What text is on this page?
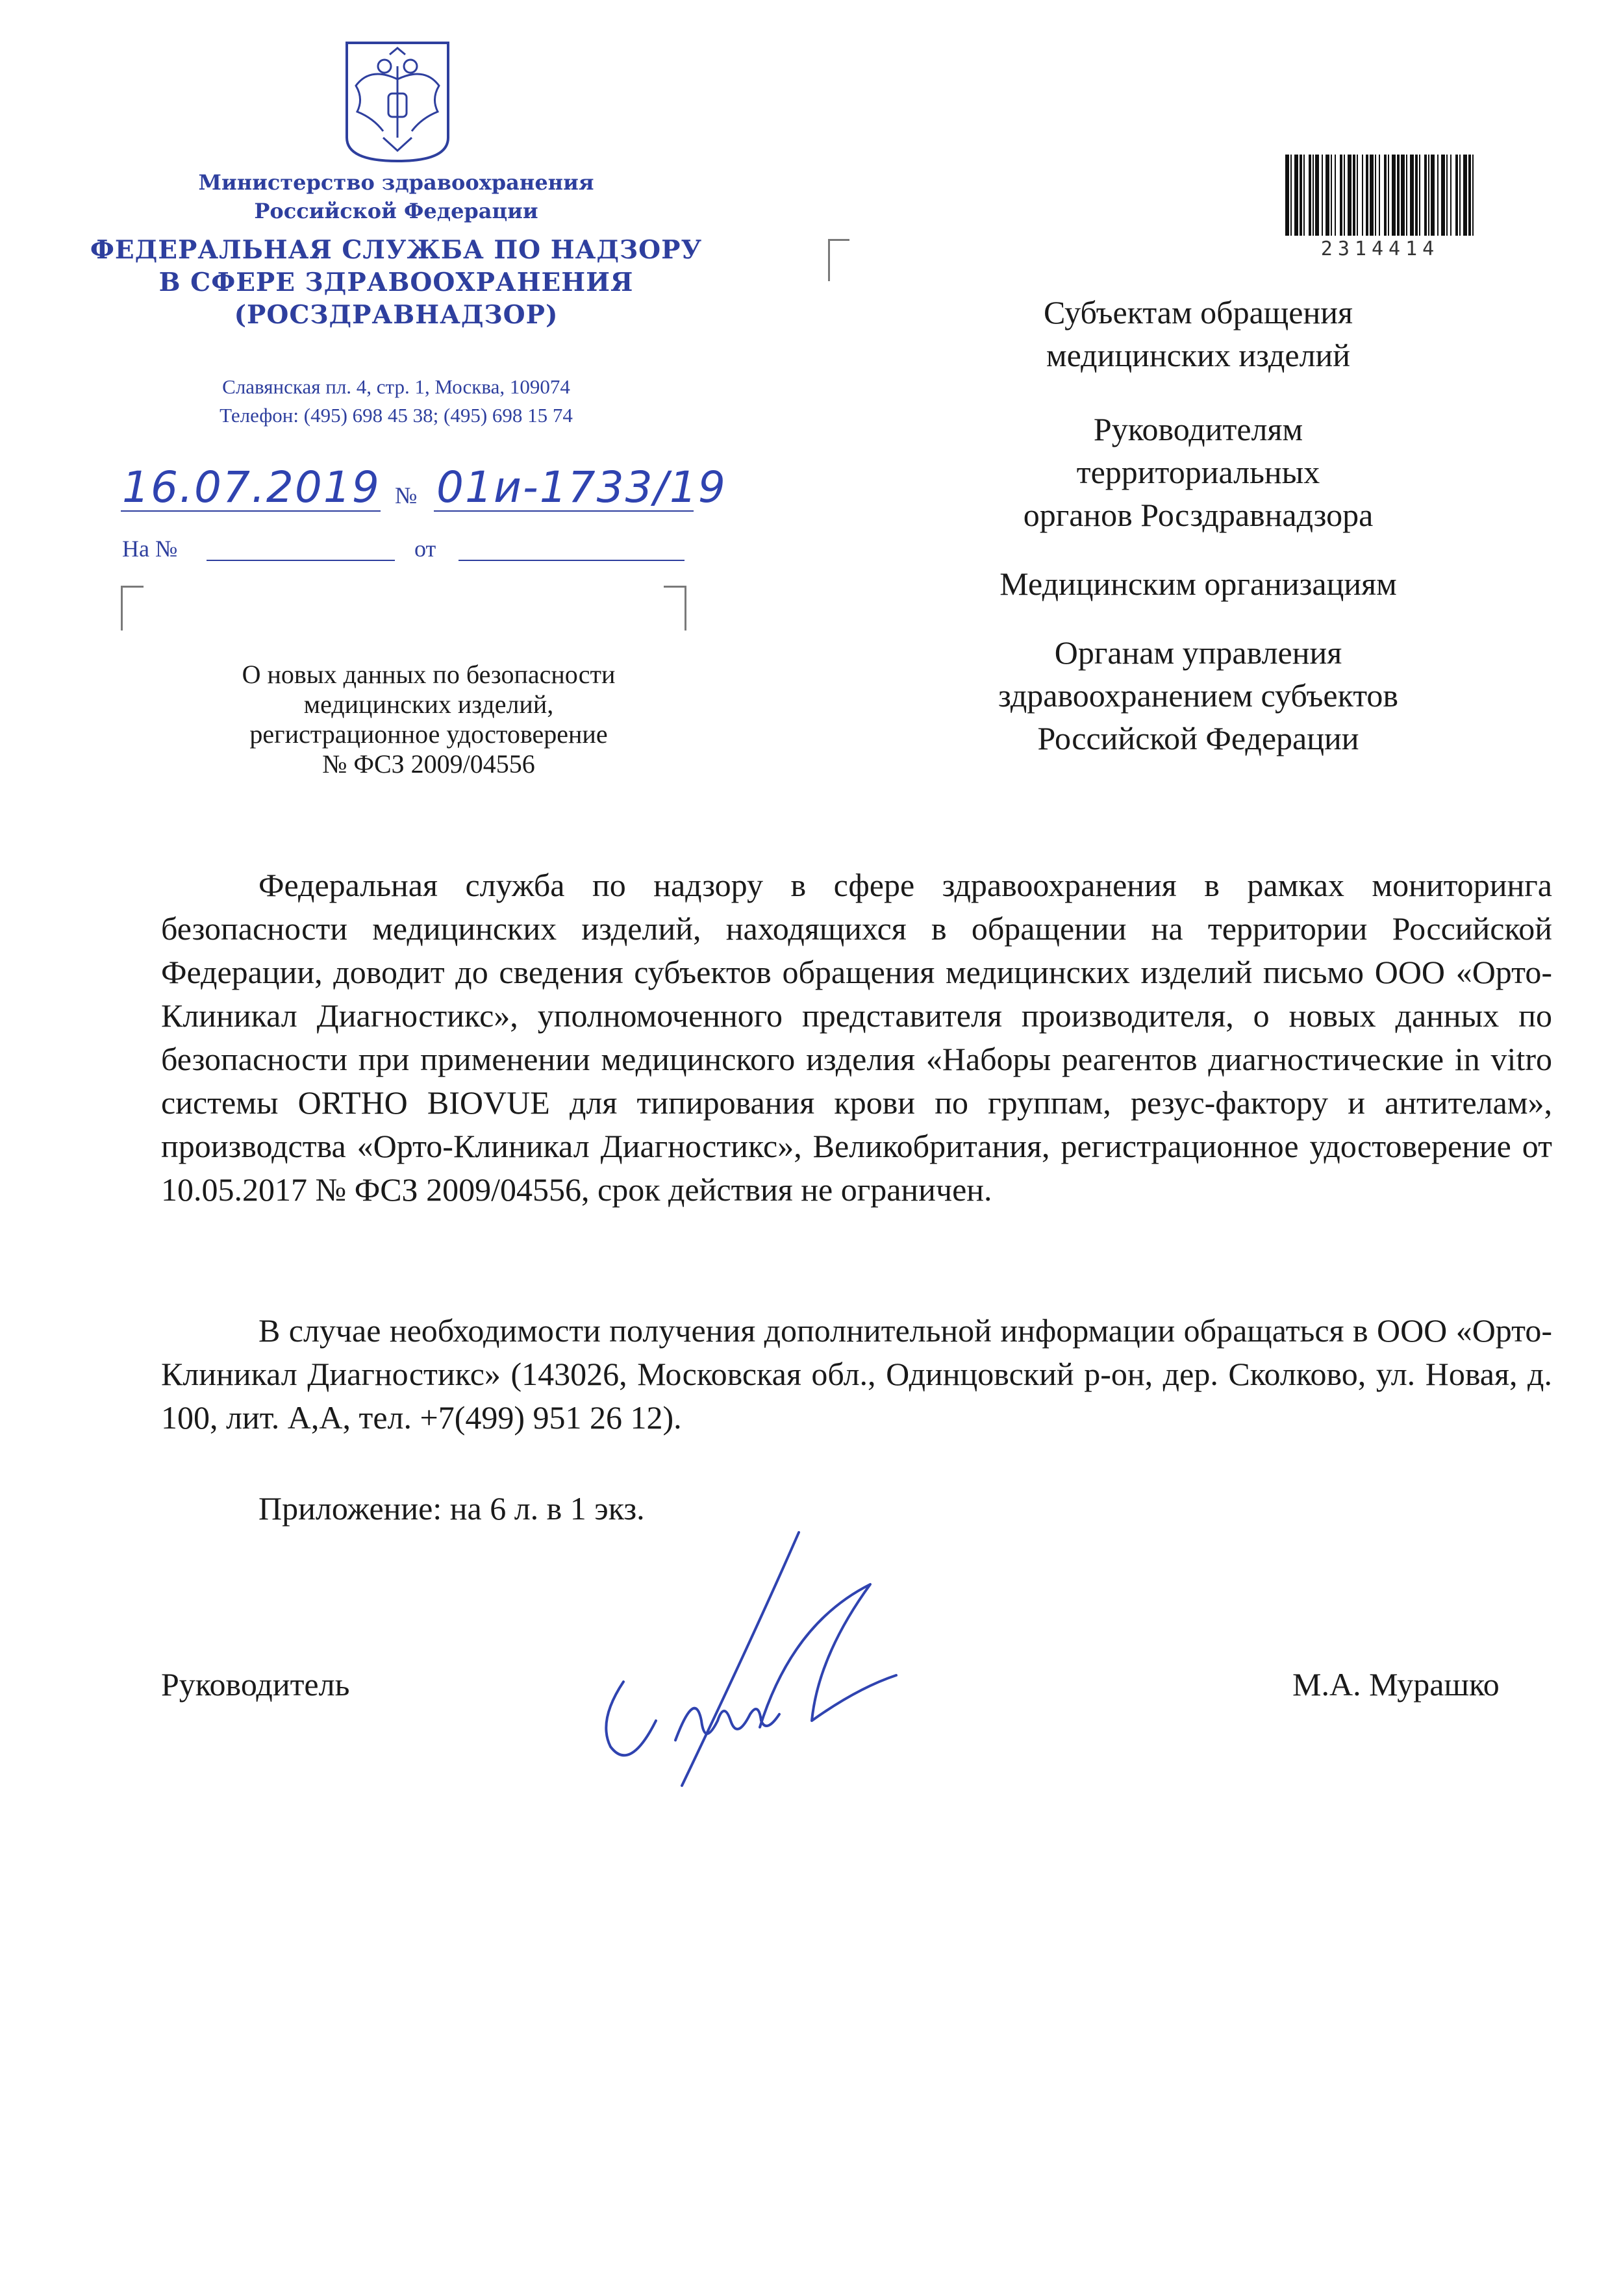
Министерство здравоохранения
Российской Федерации
ФЕДЕРАЛЬНАЯ СЛУЖБА ПО НАДЗОРУ
В СФЕРЕ ЗДРАВООХРАНЕНИЯ
(РОСЗДРАВНАДЗОР)
Славянская пл. 4, стр. 1, Москва, 109074
Телефон: (495) 698 45 38; (495) 698 15 74
16.07.2019 № 01и-1733/19
На №	от
2314414
Субъектам обращения
медицинских изделий
Руководителям
территориальных
органов Росздравнадзора
Медицинским организациям
Органам управления
здравоохранением субъектов
Российской Федерации
О новых данных по безопасности
медицинских изделий,
регистрационное удостоверение
№ ФСЗ 2009/04556
Федеральная служба по надзору в сфере здравоохранения в рамках мониторинга безопасности медицинских изделий, находящихся в обращении на территории Российской Федерации, доводит до сведения субъектов обращения медицинских изделий письмо ООО «Орто-Клиникал Диагностикс», уполномоченного представителя производителя, о новых данных по безопасности при применении медицинского изделия «Наборы реагентов диагностические in vitro системы ORTHO BIOVUE для типирования крови по группам, резус-фактору и антителам», производства «Орто-Клиникал Диагностикс», Великобритания, регистрационное удостоверение от 10.05.2017 № ФСЗ 2009/04556, срок действия не ограничен.
В случае необходимости получения дополнительной информации обращаться в ООО «Орто-Клиникал Диагностикс» (143026, Московская обл., Одинцовский р-он, дер. Сколково, ул. Новая, д. 100, лит. А,А, тел. +7(499) 951 26 12).
Приложение: на 6 л. в 1 экз.
Руководитель	М.А. Мурашко
